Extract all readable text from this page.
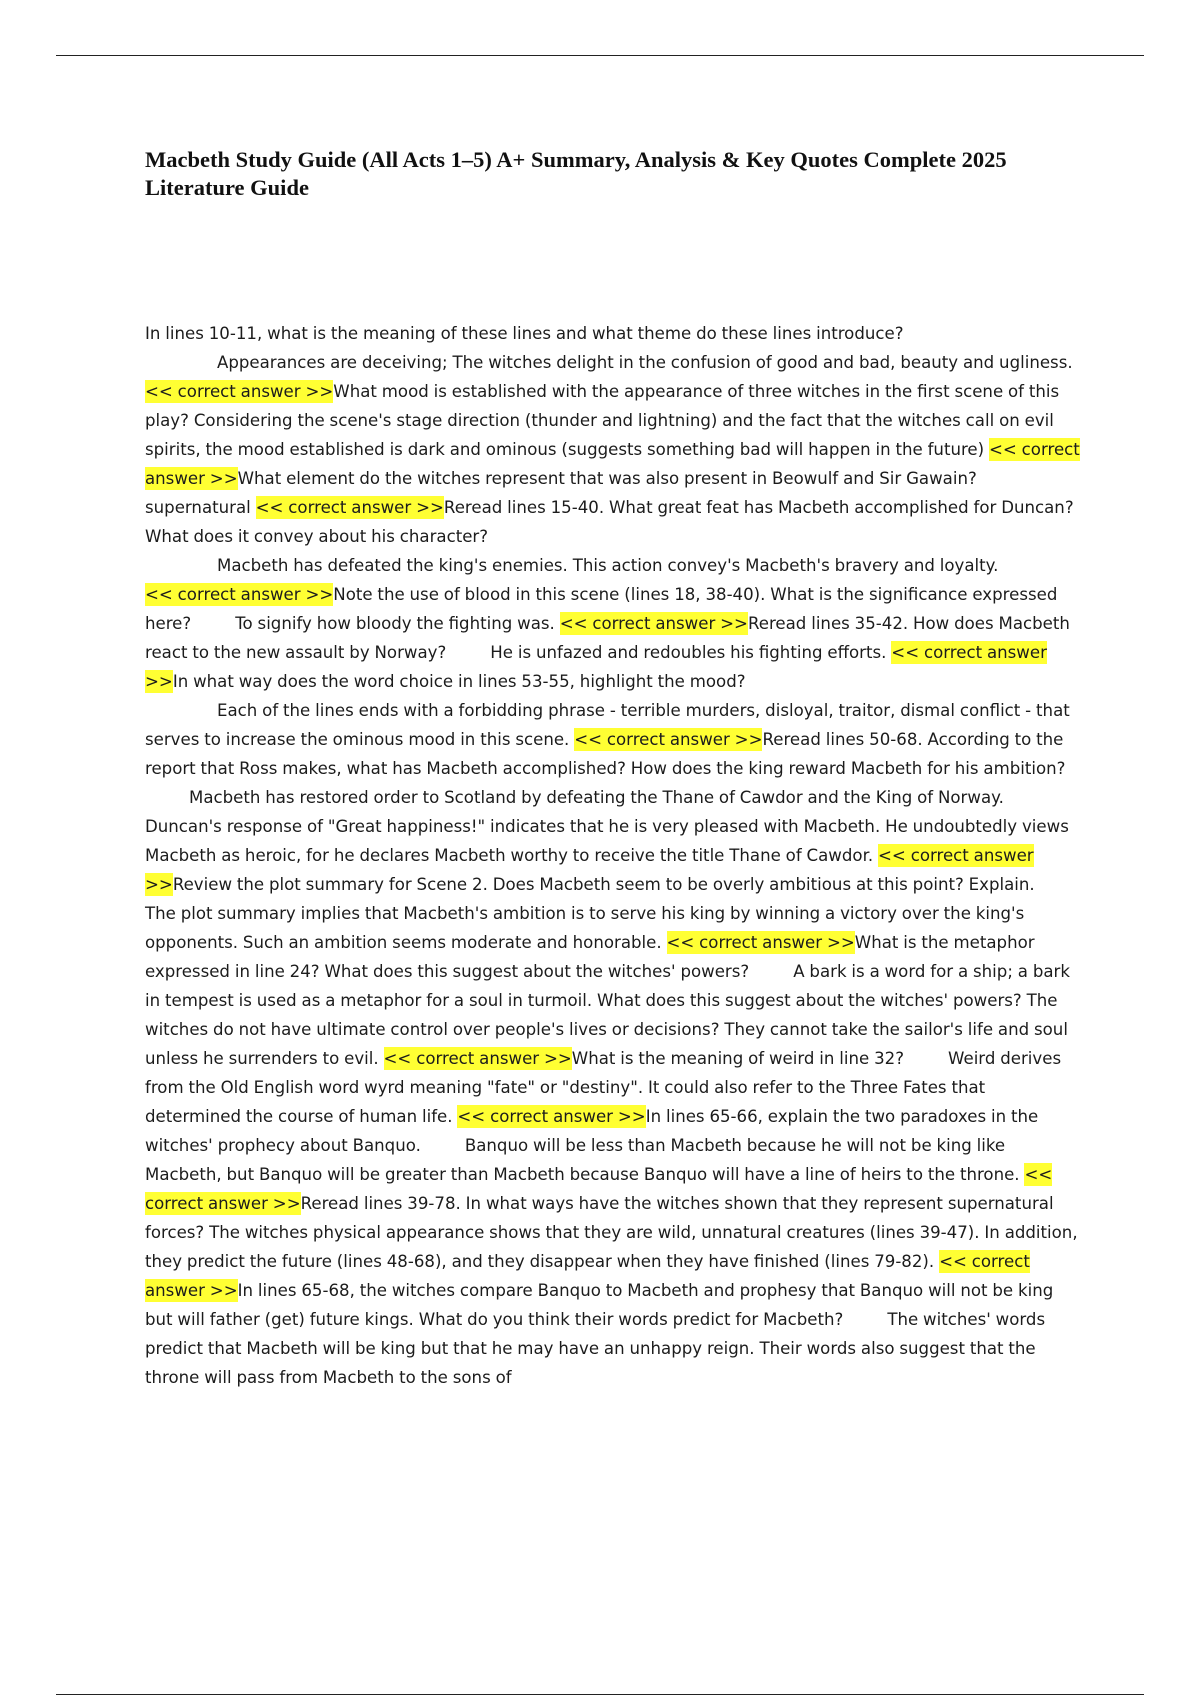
Macbeth Study Guide (All Acts 1–5) A+ Summary, Analysis & Key Quotes Complete 2025 Literature Guide

In lines 10-11, what is the meaning of these lines and what theme do these lines introduce?
Appearances are deceiving; The witches delight in the confusion of good and bad, beauty and ugliness. << correct answer >>What mood is established with the appearance of three witches in the first scene of this play? Considering the scene's stage direction (thunder and lightning) and the fact that the witches call on evil spirits, the mood established is dark and ominous (suggests something bad will happen in the future) << correct answer >>What element do the witches represent that was also present in Beowulf and Sir Gawain?supernatural << correct answer >>Reread lines 15-40. What great feat has Macbeth accomplished for Duncan? What does it convey about his character?
Macbeth has defeated the king's enemies. This action convey's Macbeth's bravery and loyalty.
<< correct answer >>Note the use of blood in this scene (lines 18, 38-40). What is the significance expressed here?	To signify how bloody the fighting was. << correct answer >>Reread lines 35-42. How does Macbeth react to the new assault by Norway?	He is unfazed and redoubles his fighting efforts. << correct answer >>In what way does the word choice in lines 53-55, highlight the mood?
Each of the lines ends with a forbidding phrase - terrible murders, disloyal, traitor, dismal conflict - that serves to increase the ominous mood in this scene. << correct answer >>Reread lines 50-68. According to the report that Ross makes, what has Macbeth accomplished? How does the king reward Macbeth for his ambition?Macbeth has restored order to Scotland by defeating the Thane of Cawdor and the King of Norway. Duncan's response of "Great happiness!" indicates that he is very pleased with Macbeth. He undoubtedly views Macbeth as heroic, for he declares Macbeth worthy to receive the title Thane of Cawdor. << correct answer >>Review the plot summary for Scene 2. Does Macbeth seem to be overly ambitious at this point? Explain.The plot summary implies that Macbeth's ambition is to serve his king by winning a victory over the king's opponents. Such an ambition seems moderate and honorable. << correct answer >>What is the metaphor expressed in line 24? What does this suggest about the witches' powers?	A bark is a word for a ship; a bark in tempest is used as a metaphor for a soul in turmoil. What does this suggest about the witches' powers? The witches do not have ultimate control over people's lives or decisions? They cannot take the sailor's life and soul unless he surrenders to evil. << correct answer >>What is the meaning of weird in line 32?	Weird derives from the Old English word wyrd meaning "fate" or "destiny". It could also refer to the Three Fates that determined the course of human life. << correct answer >>In lines 65-66, explain the two paradoxes in the witches' prophecy about Banquo.	Banquo will be less than Macbeth because he will not be king like Macbeth, but Banquo will be greater than Macbeth because Banquo will have a line of heirs to the throne. << correct answer >>Reread lines 39-78. In what ways have the witches shown that they represent supernatural forces? The witches physical appearance shows that they are wild, unnatural creatures (lines 39-47). In addition, they predict the future (lines 48-68), and they disappear when they have finished (lines 79-82). << correct answer >>In lines 65-68, the witches compare Banquo to Macbeth and prophesy that Banquo will not be king but will father (get) future kings. What do you think their words predict for Macbeth?	The witches' words predict that Macbeth will be king but that he may have an unhappy reign. Their words also suggest that the throne will pass from Macbeth to the sons of
